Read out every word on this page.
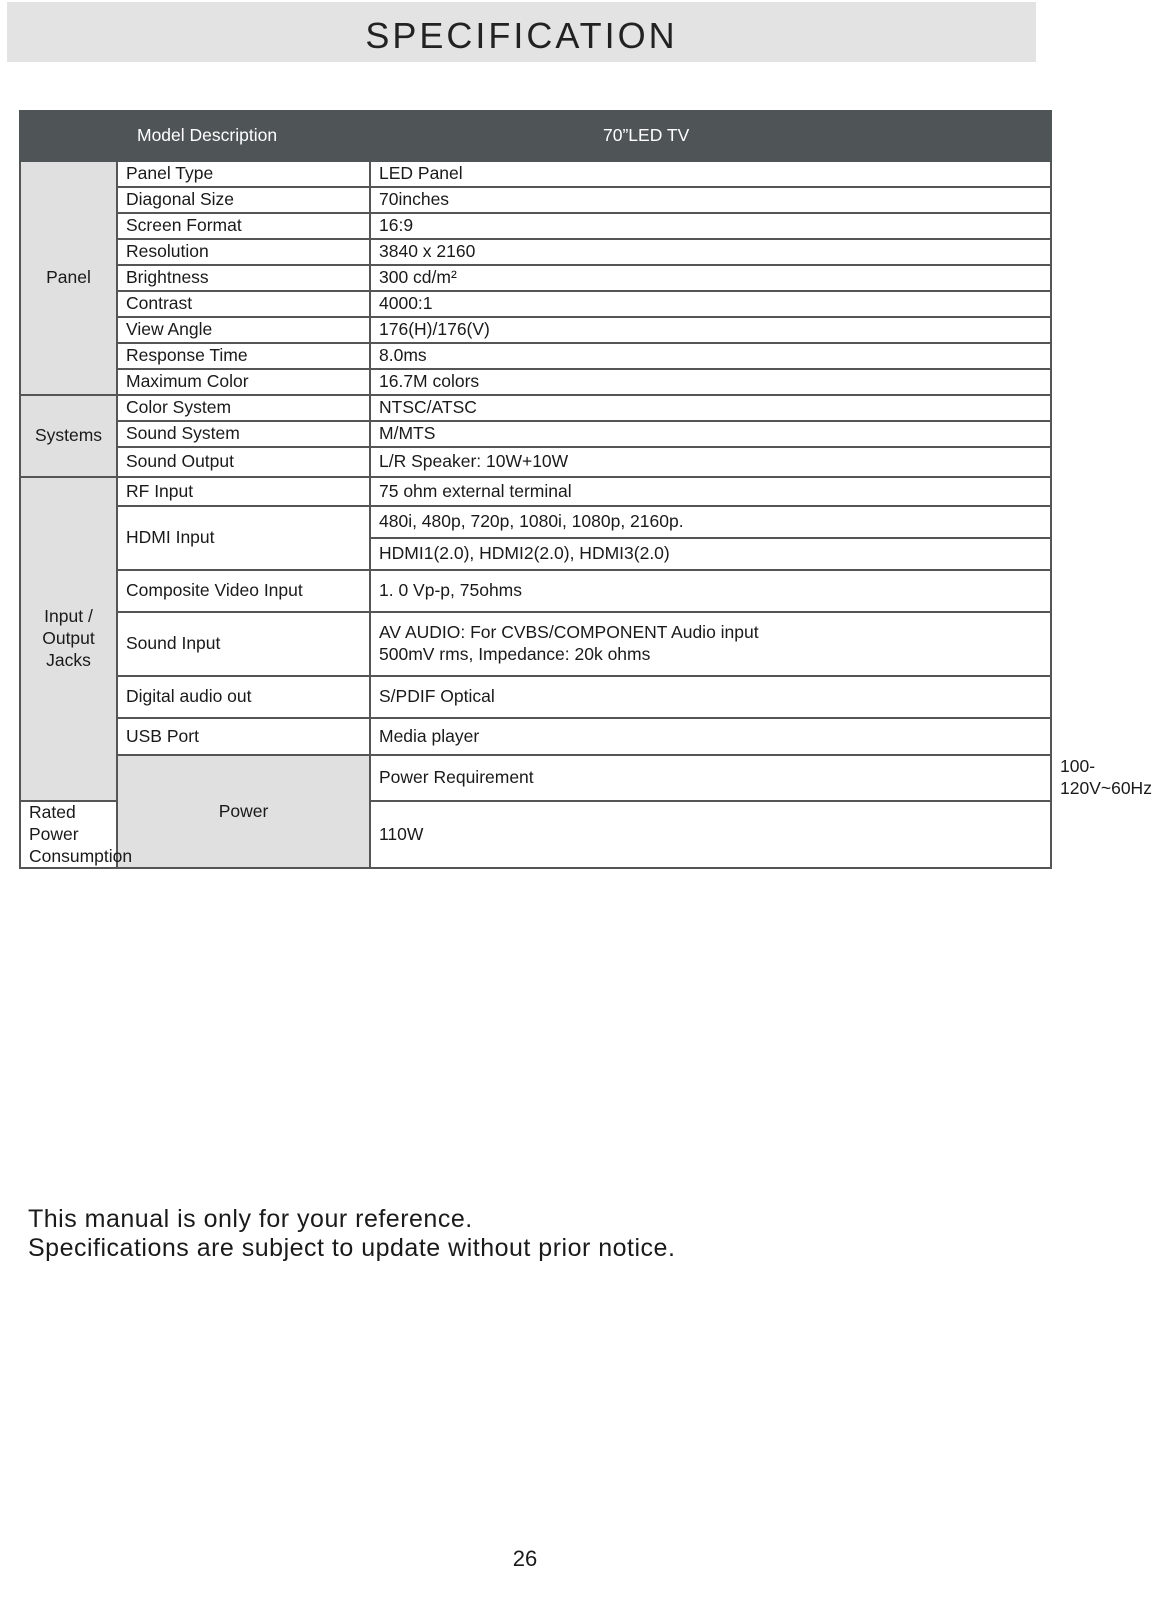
SPECIFICATION
Model Description		70”LED TV	
Panel	Panel Type	LED Panel	
	Diagonal Size	70inches	
	Screen Format	16:9	
	Resolution	3840 x 2160	
	Brightness	300 cd/m²	
	Contrast	4000:1	
	View Angle	176(H)/176(V)	
	Response Time	8.0ms	
	Maximum Color	16.7M colors	
Systems	Color System	NTSC/ATSC	
	Sound System	M/MTS	
	Sound Output	L/R Speaker: 10W+10W	
Input / Output Jacks	RF Input	75 ohm external terminal	
	HDMI Input	480i, 480p, 720p, 1080i, 1080p, 2160p.	
		HDMI1(2.0), HDMI2(2.0), HDMI3(2.0)	
	Composite Video Input	1. 0 Vp-p, 75ohms	
	Sound Input	AV AUDIO: For CVBS/COMPONENT Audio input
500mV rms, Impedance: 20k ohms	

	Digital audio out	S/PDIF Optical	
	USB Port	Media player	
	Power	Power Requirement	100-120V~60Hz
Rated Power Consumption		110W	
This manual is only for your reference.
Specifications are subject to update without prior notice.
26
